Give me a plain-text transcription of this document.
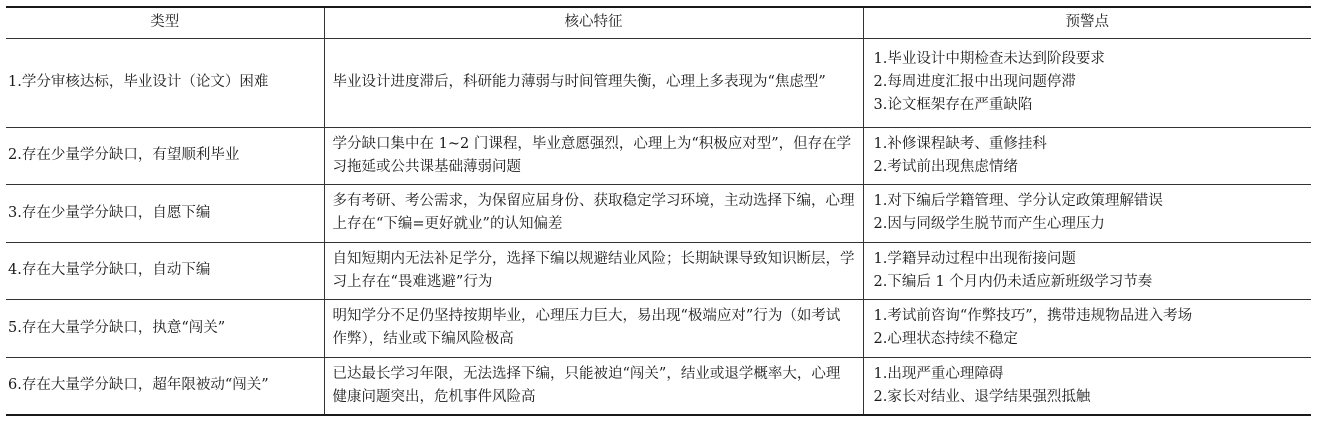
类型	核心特征	预警点
1.学分审核达标，毕业设计（论文）困难	毕业设计进度滞后，科研能力薄弱与时间管理失衡，心理上多表现为“焦虑型”	1.毕业设计中期检查未达到阶段要求
2.每周进度汇报中出现问题停滞
3.论文框架存在严重缺陷

2.存在少量学分缺口，有望顺利毕业	学分缺口集中在 1~2 门课程，毕业意愿强烈，心理上为“积极应对型”，但存在学习拖延或公共课基础薄弱问题	1.补修课程缺考、重修挂科
2.考试前出现焦虑情绪

3.存在少量学分缺口，自愿下编	多有考研、考公需求，为保留应届身份、获取稳定学习环境，主动选择下编，心理上存在“下编=更好就业”的认知偏差	1.对下编后学籍管理、学分认定政策理解错误
2.因与同级学生脱节而产生心理压力

4.存在大量学分缺口，自动下编	自知短期内无法补足学分，选择下编以规避结业风险；长期缺课导致知识断层，学习上存在“畏难逃避”行为	1.学籍异动过程中出现衔接问题
2.下编后 1 个月内仍未适应新班级学习节奏

5.存在大量学分缺口，执意“闯关”	明知学分不足仍坚持按期毕业，心理压力巨大，易出现“极端应对”行为（如考试作弊），结业或下编风险极高	1.考试前咨询“作弊技巧”，携带违规物品进入考场
2.心理状态持续不稳定

6.存在大量学分缺口，超年限被动“闯关”	已达最长学习年限，无法选择下编，只能被迫“闯关”，结业或退学概率大，心理健康问题突出，危机事件风险高	1.出现严重心理障碍
2.家长对结业、退学结果强烈抵触
